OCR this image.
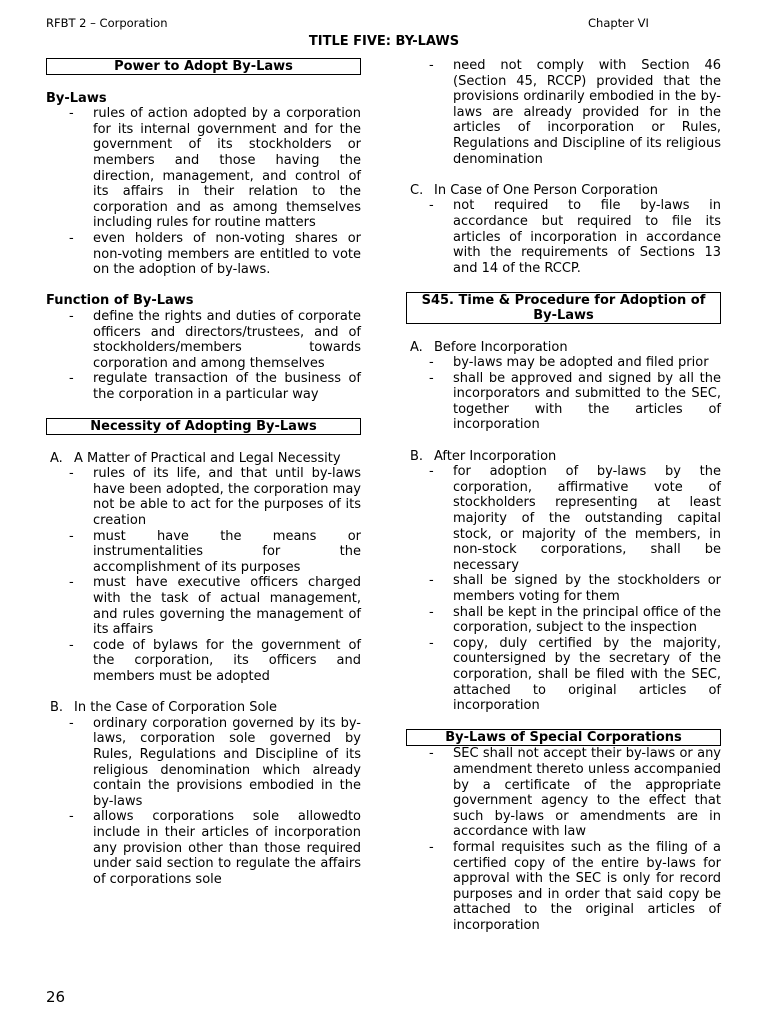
RFBT 2 – Corporation	Chapter VI
TITLE FIVE: BY-LAWS
Power to Adopt By-Laws
By-Laws
- rules of action adopted by a corporation for its internal government and for the government of its stockholders or members and those having the direction, management, and control of its affairs in their relation to the corporation and as among themselves including rules for routine matters
- even holders of non-voting shares or non-voting members are entitled to vote on the adoption of by-laws.
Function of By-Laws
- define the rights and duties of corporate officers and directors/trustees, and of stockholders/members towards corporation and among themselves
- regulate transaction of the business of the corporation in a particular way
Necessity of Adopting By-Laws
A. A Matter of Practical and Legal Necessity
- rules of its life, and that until by-laws have been adopted, the corporation may not be able to act for the purposes of its creation
- must have the means or instrumentalities for the accomplishment of its purposes
- must have executive officers charged with the task of actual management, and rules governing the management of its affairs
- code of bylaws for the government of the corporation, its officers and members must be adopted
B. In the Case of Corporation Sole
- ordinary corporation governed by its by-laws, corporation sole governed by Rules, Regulations and Discipline of its religious denomination which already contain the provisions embodied in the by-laws
- allows corporations sole allowedto include in their articles of incorporation any provision other than those required under said section to regulate the affairs of corporations sole
- need not comply with Section 46 (Section 45, RCCP) provided that the provisions ordinarily embodied in the by-laws are already provided for in the articles of incorporation or Rules, Regulations and Discipline of its religious denomination
C. In Case of One Person Corporation
- not required to file by-laws in accordance but required to file its articles of incorporation in accordance with the requirements of Sections 13 and 14 of the RCCP.
S45. Time & Procedure for Adoption of By-Laws
A. Before Incorporation
- by-laws may be adopted and filed prior
- shall be approved and signed by all the incorporators and submitted to the SEC, together with the articles of incorporation
B. After Incorporation
- for adoption of by-laws by the corporation, affirmative vote of stockholders representing at least majority of the outstanding capital stock, or majority of the members, in non-stock corporations, shall be necessary
- shall be signed by the stockholders or members voting for them
- shall be kept in the principal office of the corporation, subject to the inspection
- copy, duly certified by the majority, countersigned by the secretary of the corporation, shall be filed with the SEC, attached to original articles of incorporation
By-Laws of Special Corporations
- SEC shall not accept their by-laws or any amendment thereto unless accompanied by a certificate of the appropriate government agency to the effect that such by-laws or amendments are in accordance with law
- formal requisites such as the filing of a certified copy of the entire by-laws for approval with the SEC is only for record purposes and in order that said copy be attached to the original articles of incorporation
26
